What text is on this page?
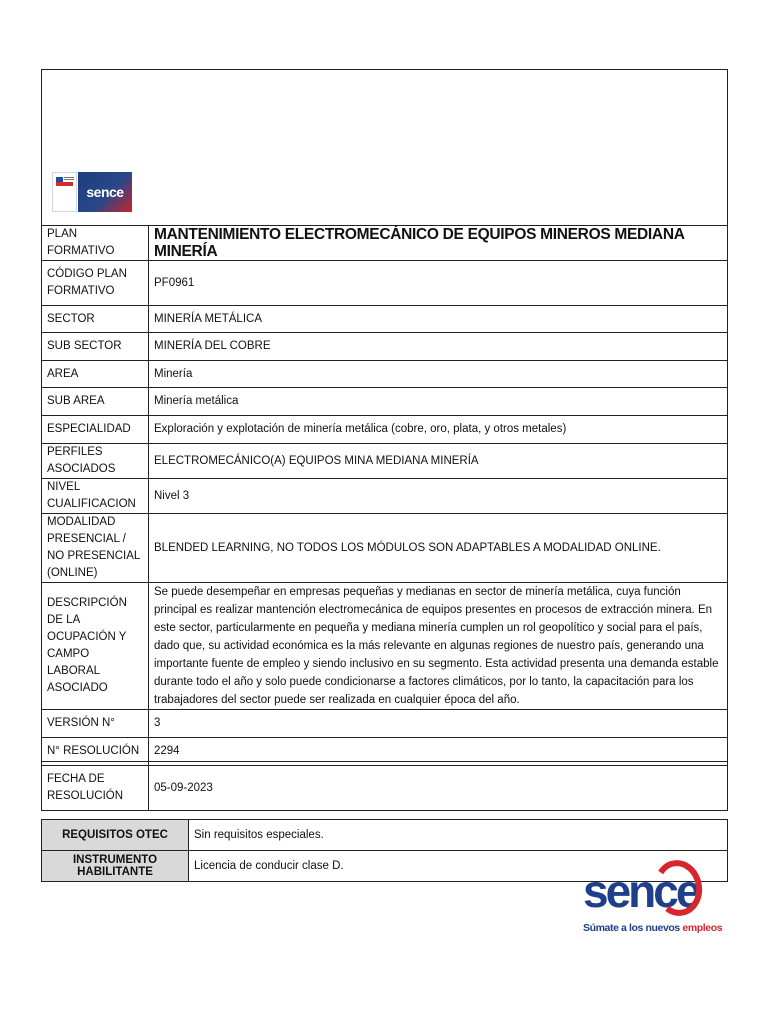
sence
PLAN FORMATIVO	MANTENIMIENTO ELECTROMECÁNICO DE EQUIPOS MINEROS MEDIANA MINERÍA
CÓDIGO PLAN FORMATIVO	PF0961
SECTOR	MINERÍA METÁLICA
SUB SECTOR	MINERÍA DEL COBRE
AREA	Minería
SUB AREA	Minería metálica
ESPECIALIDAD	Exploración y explotación de minería metálica (cobre, oro, plata, y otros metales)
PERFILES ASOCIADOS	ELECTROMECÁNICO(A) EQUIPOS MINA MEDIANA MINERÍA
NIVEL CUALIFICACION	Nivel 3
MODALIDAD PRESENCIAL / NO PRESENCIAL (ONLINE)	BLENDED LEARNING, NO TODOS LOS MÓDULOS SON ADAPTABLES A MODALIDAD ONLINE.
DESCRIPCIÓN DE LA OCUPACIÓN Y CAMPO LABORAL ASOCIADO	Se puede desempeñar en empresas pequeñas y medianas en sector de minería metálica, cuya función principal es realizar mantención electromecánica de equipos presentes en procesos de extracción minera. En este sector, particularmente en pequeña y mediana minería cumplen un rol geopolítico y social para el país, dado que, su actividad económica es la más relevante en algunas regiones de nuestro país, generando una importante fuente de empleo y siendo inclusivo en su segmento. Esta actividad presenta una demanda estable durante todo el año y solo puede condicionarse a factores climáticos, por lo tanto, la capacitación para los trabajadores del sector puede ser realizada en cualquier época del año.
VERSIÓN N°	3
N° RESOLUCIÓN	2294
FECHA DE RESOLUCIÓN	05-09-2023
REQUISITOS OTEC	Sin requisitos especiales.
INSTRUMENTO HABILITANTE	Licencia de conducir clase D.	sence
Súmate a los nuevos empleos
